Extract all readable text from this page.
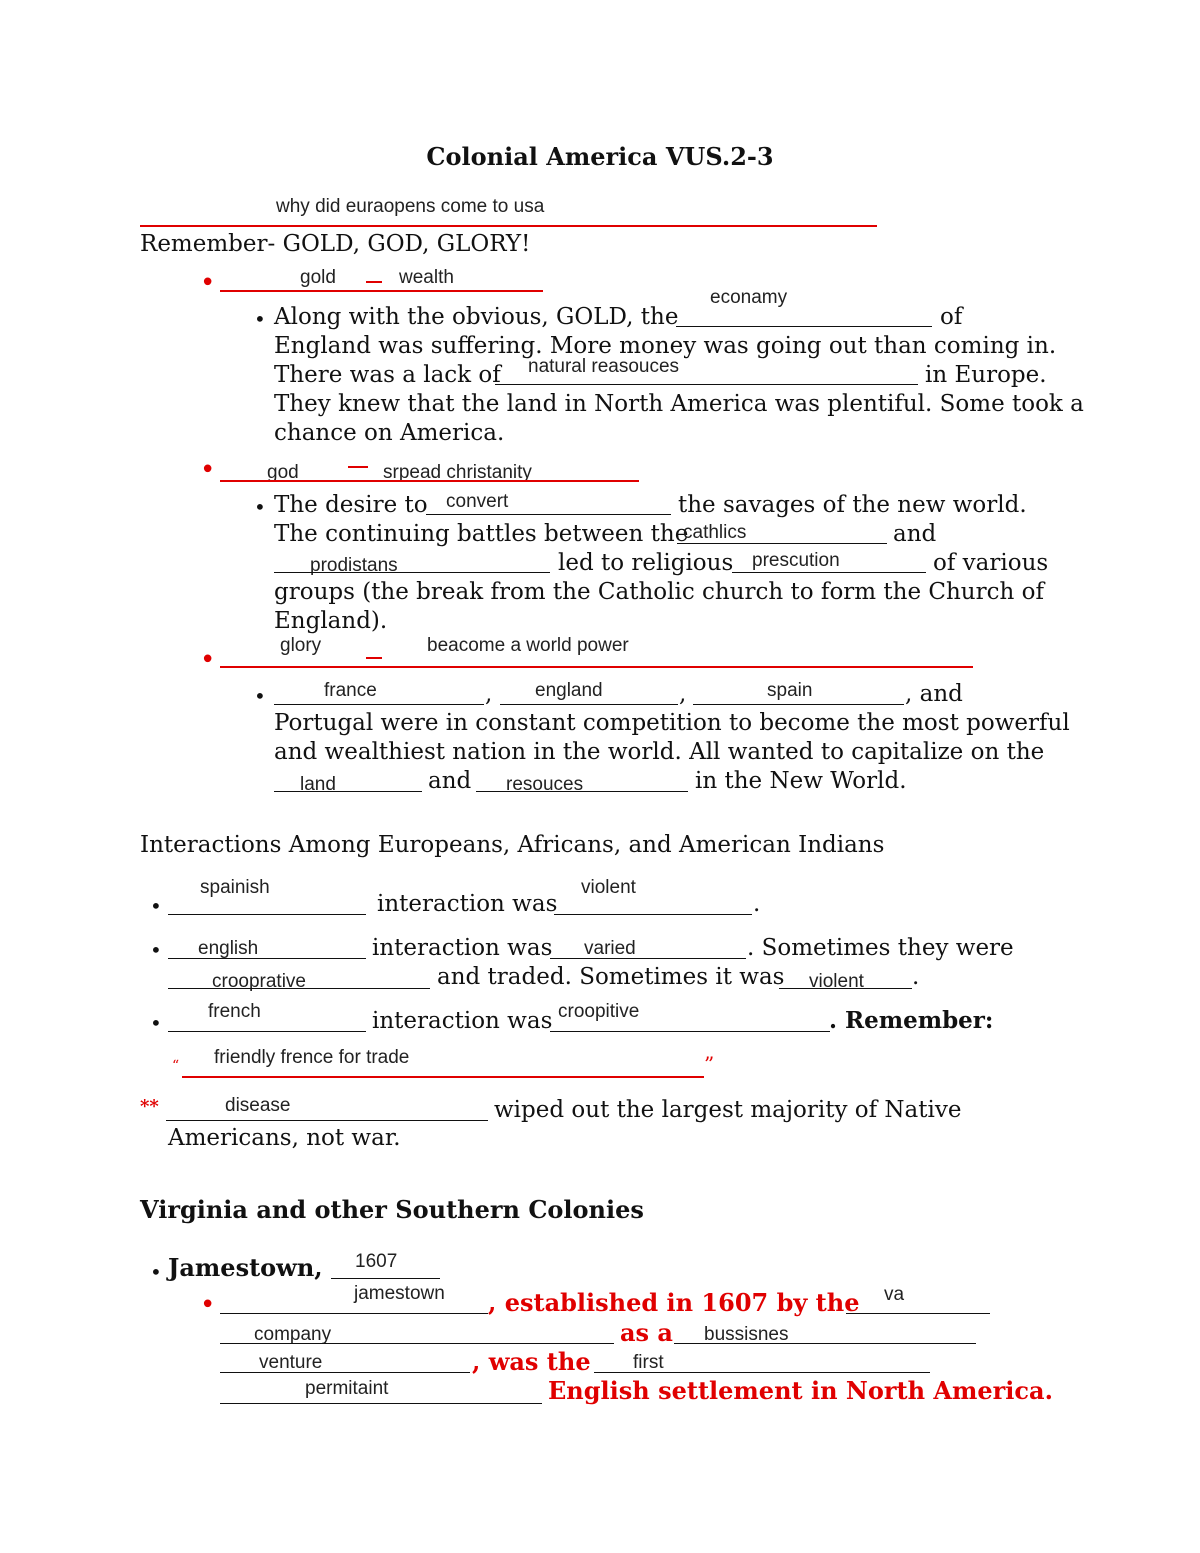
Colonial America VUS.2-3
why did euraopens come to usa
Remember- GOLD, GOD, GLORY!
•	gold	wealth
• Along with the obvious, GOLD, the
econamy
of
England was suffering. More money was going out than coming in.
There was a lack of natural reasouces	in Europe.
They knew that the land in North America was plentiful. Some took a
chance on America.
•	god	srpead christanity
• The desire to convert	the savages of the new world.
The continuing battles between the
cathlics	and
prodistans	led to religious prescution	of various
groups (the break from the Catholic church to form the Church of
England).
glory	beacome a world power
•
•	france	, england	,	spain	, and
Portugal were in constant competition to become the most powerful
and wealthiest nation in the world. All wanted to capitalize on the
land	and resouces	in the New World.
Interactions Among Europeans, Africans, and American Indians
•
spainish
interaction was
violent
.
• english	interaction was varied	. Sometimes they were
crooprative	and traded. Sometimes it was violent .
• french	interaction was croopitive	. Remember:
“ friendly frence for trade	”
**	disease	wiped out the largest majority of Native
Americans, not war.
Virginia and other Southern Colonies
• Jamestown, 1607
•	jamestown , established in 1607 by the va
company	as a bussisnes
venture	, was the first
permitaint	English settlement in North America.
